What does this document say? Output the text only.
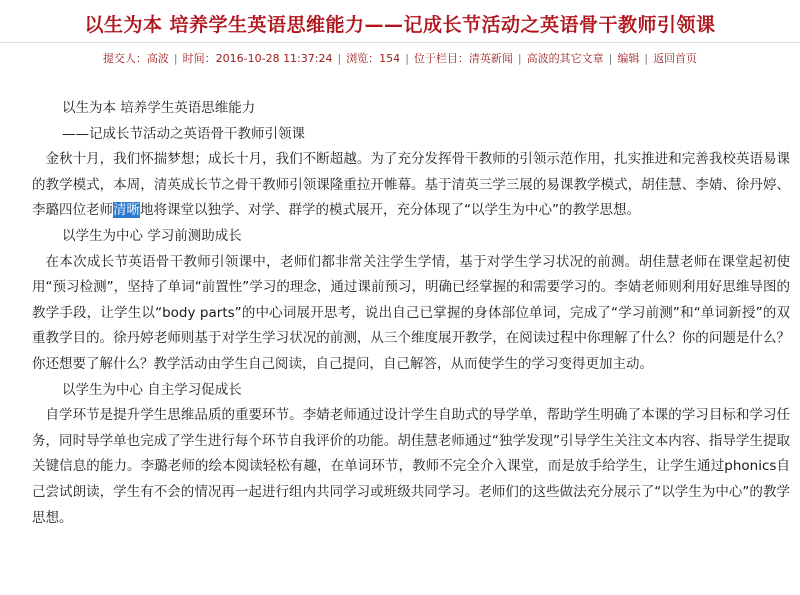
以生为本 培养学生英语思维能力——记成长节活动之英语骨干教师引领课
提交人：高波 | 时间：2016-10-28 11:37:24 | 浏览：154 | 位于栏目：清英新闻 | 高波的其它文章 | 编辑 | 返回首页

以生为本 培养学生英语思维能力

——记成长节活动之英语骨干教师引领课

金秋十月，我们怀揣梦想；成长十月，我们不断超越。为了充分发挥骨干教师的引领示范作用，扎实推进和完善我校英语易课的教学模式，本周，清英成长节之骨干教师引领课隆重拉开帷幕。基于清英三学三展的易课教学模式，胡佳慧、李婧、徐丹婷、李璐四位老师清晰地将课堂以独学、对学、群学的模式展开，充分体现了“以学生为中心”的教学思想。

以学生为中心 学习前测助成长

在本次成长节英语骨干教师引领课中，老师们都非常关注学生学情，基于对学生学习状况的前测。胡佳慧老师在课堂起初使用“预习检测”，坚持了单词“前置性”学习的理念，通过课前预习，明确已经掌握的和需要学习的。李婧老师则利用好思维导图的教学手段，让学生以“body parts”的中心词展开思考，说出自己已掌握的身体部位单词，完成了“学习前测”和“单词新授”的双重教学目的。徐丹婷老师则基于对学生学习状况的前测，从三个维度展开教学，在阅读过程中你理解了什么？你的问题是什么？你还想要了解什么？教学活动由学生自己阅读，自己提问，自己解答，从而使学生的学习变得更加主动。

以学生为中心 自主学习促成长

自学环节是提升学生思维品质的重要环节。李婧老师通过设计学生自助式的导学单，帮助学生明确了本课的学习目标和学习任务，同时导学单也完成了学生进行每个环节自我评价的功能。胡佳慧老师通过“独学发现”引导学生关注文本内容、指导学生提取关键信息的能力。李璐老师的绘本阅读轻松有趣，在单词环节，教师不完全介入课堂，而是放手给学生，让学生通过phonics自己尝试朗读，学生有不会的情况再一起进行组内共同学习或班级共同学习。老师们的这些做法充分展示了“以学生为中心”的教学思想。
